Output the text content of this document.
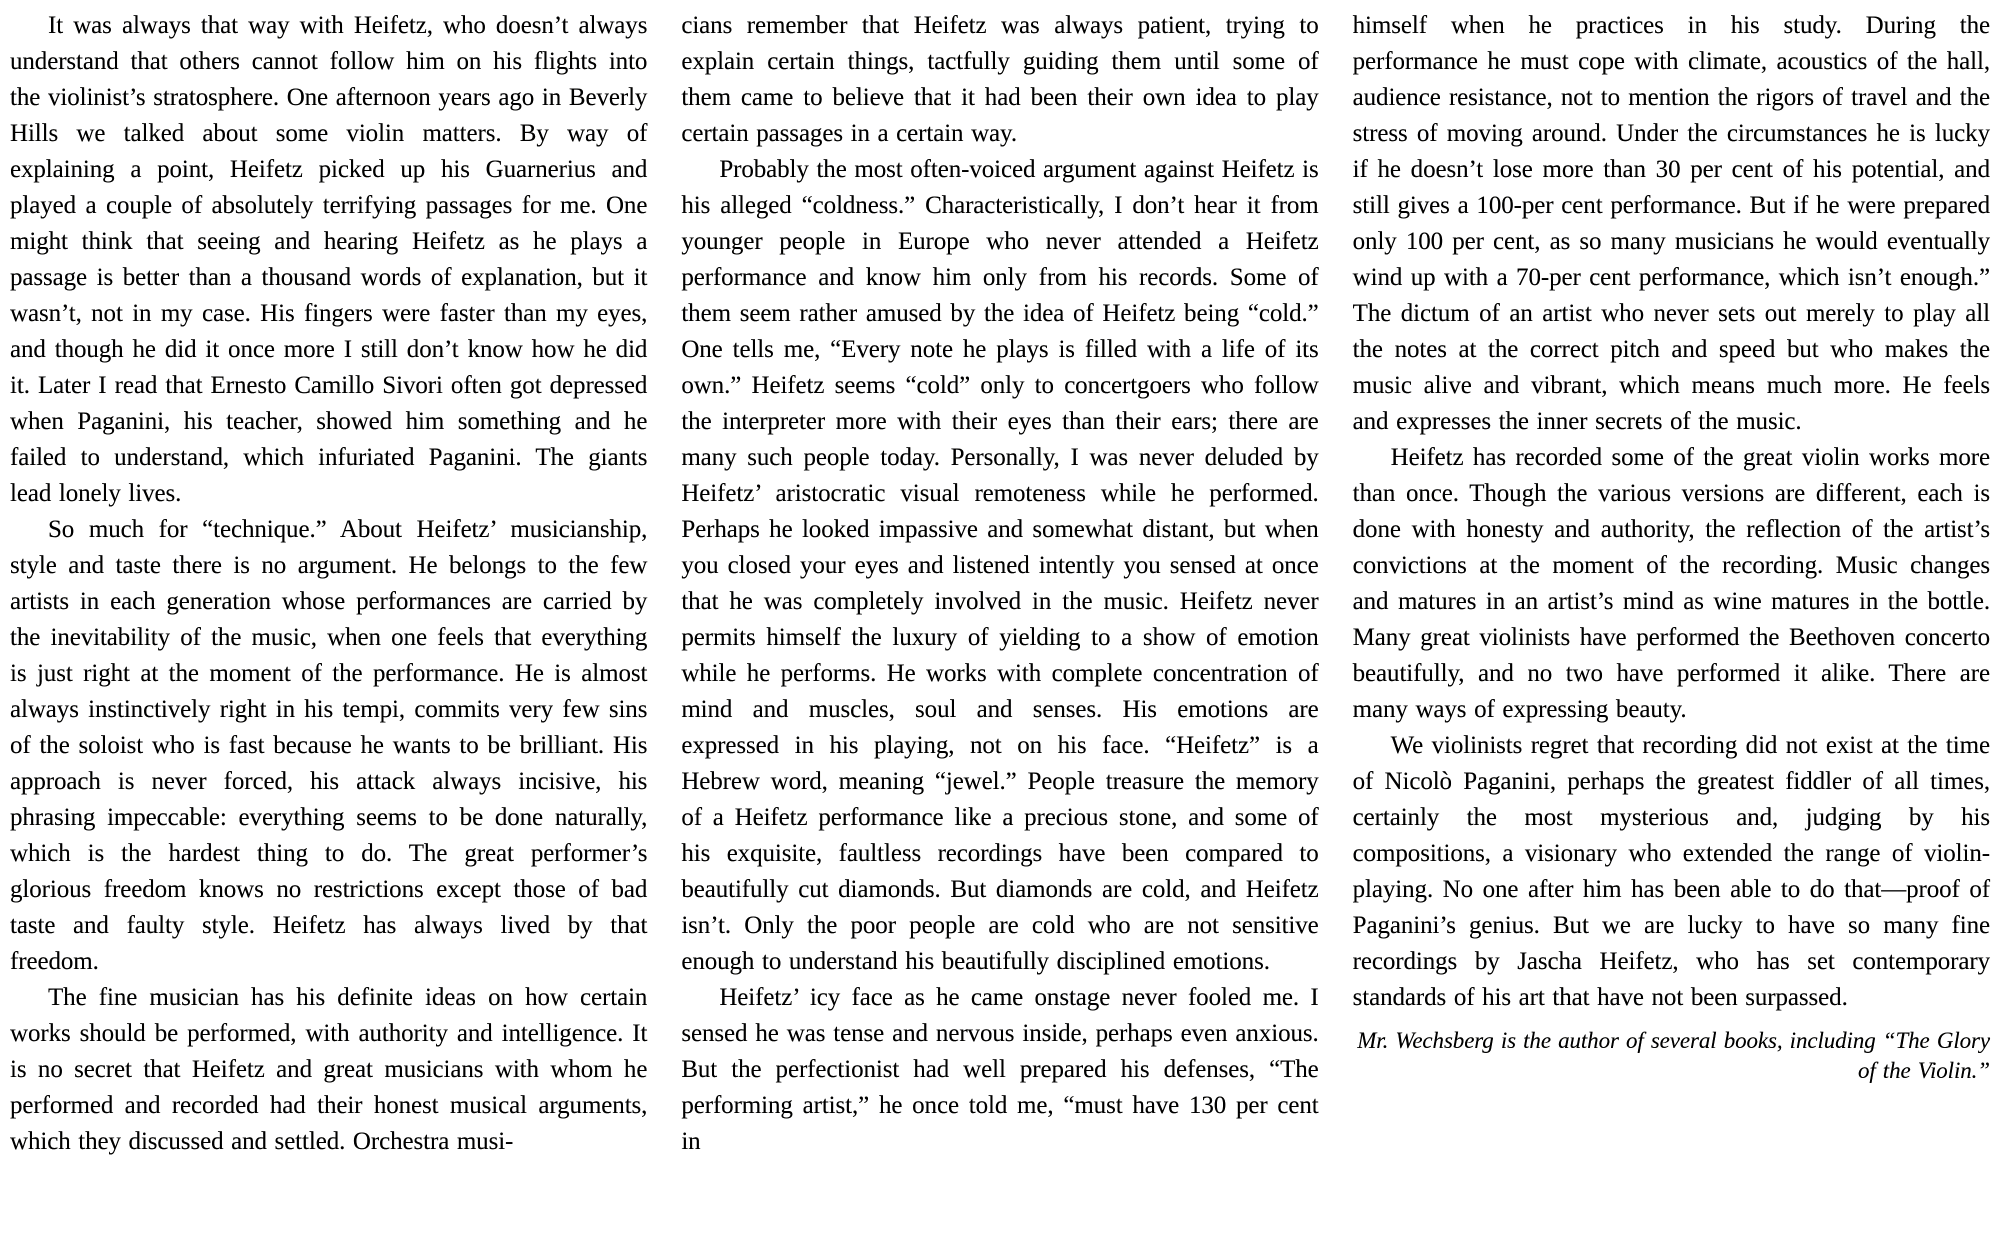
It was always that way with Heifetz, who doesn’t always understand that others cannot follow him on his flights into the violinist’s stratosphere. One afternoon years ago in Beverly Hills we talked about some violin matters. By way of explaining a point, Heifetz picked up his Guarnerius and played a couple of absolutely terrifying passages for me. One might think that seeing and hearing Heifetz as he plays a passage is better than a thousand words of explanation, but it wasn’t, not in my case. His fingers were faster than my eyes, and though he did it once more I still don’t know how he did it. Later I read that Ernesto Camillo Sivori often got depressed when Paganini, his teacher, showed him something and he failed to understand, which infuriated Paganini. The giants lead lonely lives.

So much for “technique.” About Heifetz’ musicianship, style and taste there is no argument. He belongs to the few artists in each generation whose performances are carried by the inevitability of the music, when one feels that everything is just right at the moment of the performance. He is almost always instinctively right in his tempi, commits very few sins of the soloist who is fast because he wants to be brilliant. His approach is never forced, his attack always incisive, his phrasing impeccable: everything seems to be done naturally, which is the hardest thing to do. The great performer’s glorious freedom knows no restrictions except those of bad taste and faulty style. Heifetz has always lived by that freedom.

The fine musician has his definite ideas on how certain works should be performed, with authority and intelligence. It is no secret that Heifetz and great musicians with whom he performed and recorded had their honest musical arguments, which they discussed and settled. Orchestra musi-

cians remember that Heifetz was always patient, trying to explain certain things, tactfully guiding them until some of them came to believe that it had been their own idea to play certain passages in a certain way.

Probably the most often-voiced argument against Heifetz is his alleged “coldness.” Characteristically, I don’t hear it from younger people in Europe who never attended a Heifetz performance and know him only from his records. Some of them seem rather amused by the idea of Heifetz being “cold.” One tells me, “Every note he plays is filled with a life of its own.” Heifetz seems “cold” only to concertgoers who follow the interpreter more with their eyes than their ears; there are many such people today. Personally, I was never deluded by Heifetz’ aristocratic visual remoteness while he performed. Perhaps he looked impassive and somewhat distant, but when you closed your eyes and listened intently you sensed at once that he was completely involved in the music. Heifetz never permits himself the luxury of yielding to a show of emotion while he performs. He works with complete concentration of mind and muscles, soul and senses. His emotions are expressed in his playing, not on his face. “Heifetz” is a Hebrew word, meaning “jewel.” People treasure the memory of a Heifetz performance like a precious stone, and some of his exquisite, faultless recordings have been compared to beautifully cut diamonds. But diamonds are cold, and Heifetz isn’t. Only the poor people are cold who are not sensitive enough to understand his beautifully disciplined emotions.

Heifetz’ icy face as he came onstage never fooled me. I sensed he was tense and nervous inside, perhaps even anxious. But the perfectionist had well prepared his defenses, “The performing artist,” he once told me, “must have 130 per cent in

himself when he practices in his study. During the performance he must cope with climate, acoustics of the hall, audience resistance, not to mention the rigors of travel and the stress of moving around. Under the circumstances he is lucky if he doesn’t lose more than 30 per cent of his potential, and still gives a 100-per cent performance. But if he were prepared only 100 per cent, as so many musicians he would eventually wind up with a 70-per cent performance, which isn’t enough.” The dictum of an artist who never sets out merely to play all the notes at the correct pitch and speed but who makes the music alive and vibrant, which means much more. He feels and expresses the inner secrets of the music.

Heifetz has recorded some of the great violin works more than once. Though the various versions are different, each is done with honesty and authority, the reflection of the artist’s convictions at the moment of the recording. Music changes and matures in an artist’s mind as wine matures in the bottle. Many great violinists have performed the Beethoven concerto beautifully, and no two have performed it alike. There are many ways of expressing beauty.

We violinists regret that recording did not exist at the time of Nicolò Paganini, perhaps the greatest fiddler of all times, certainly the most mysterious and, judging by his compositions, a visionary who extended the range of violin-playing. No one after him has been able to do that—proof of Paganini’s genius. But we are lucky to have so many fine recordings by Jascha Heifetz, who has set contemporary standards of his art that have not been surpassed.

Mr. Wechsberg is the author of several books, including “The Glory of the Violin.”
